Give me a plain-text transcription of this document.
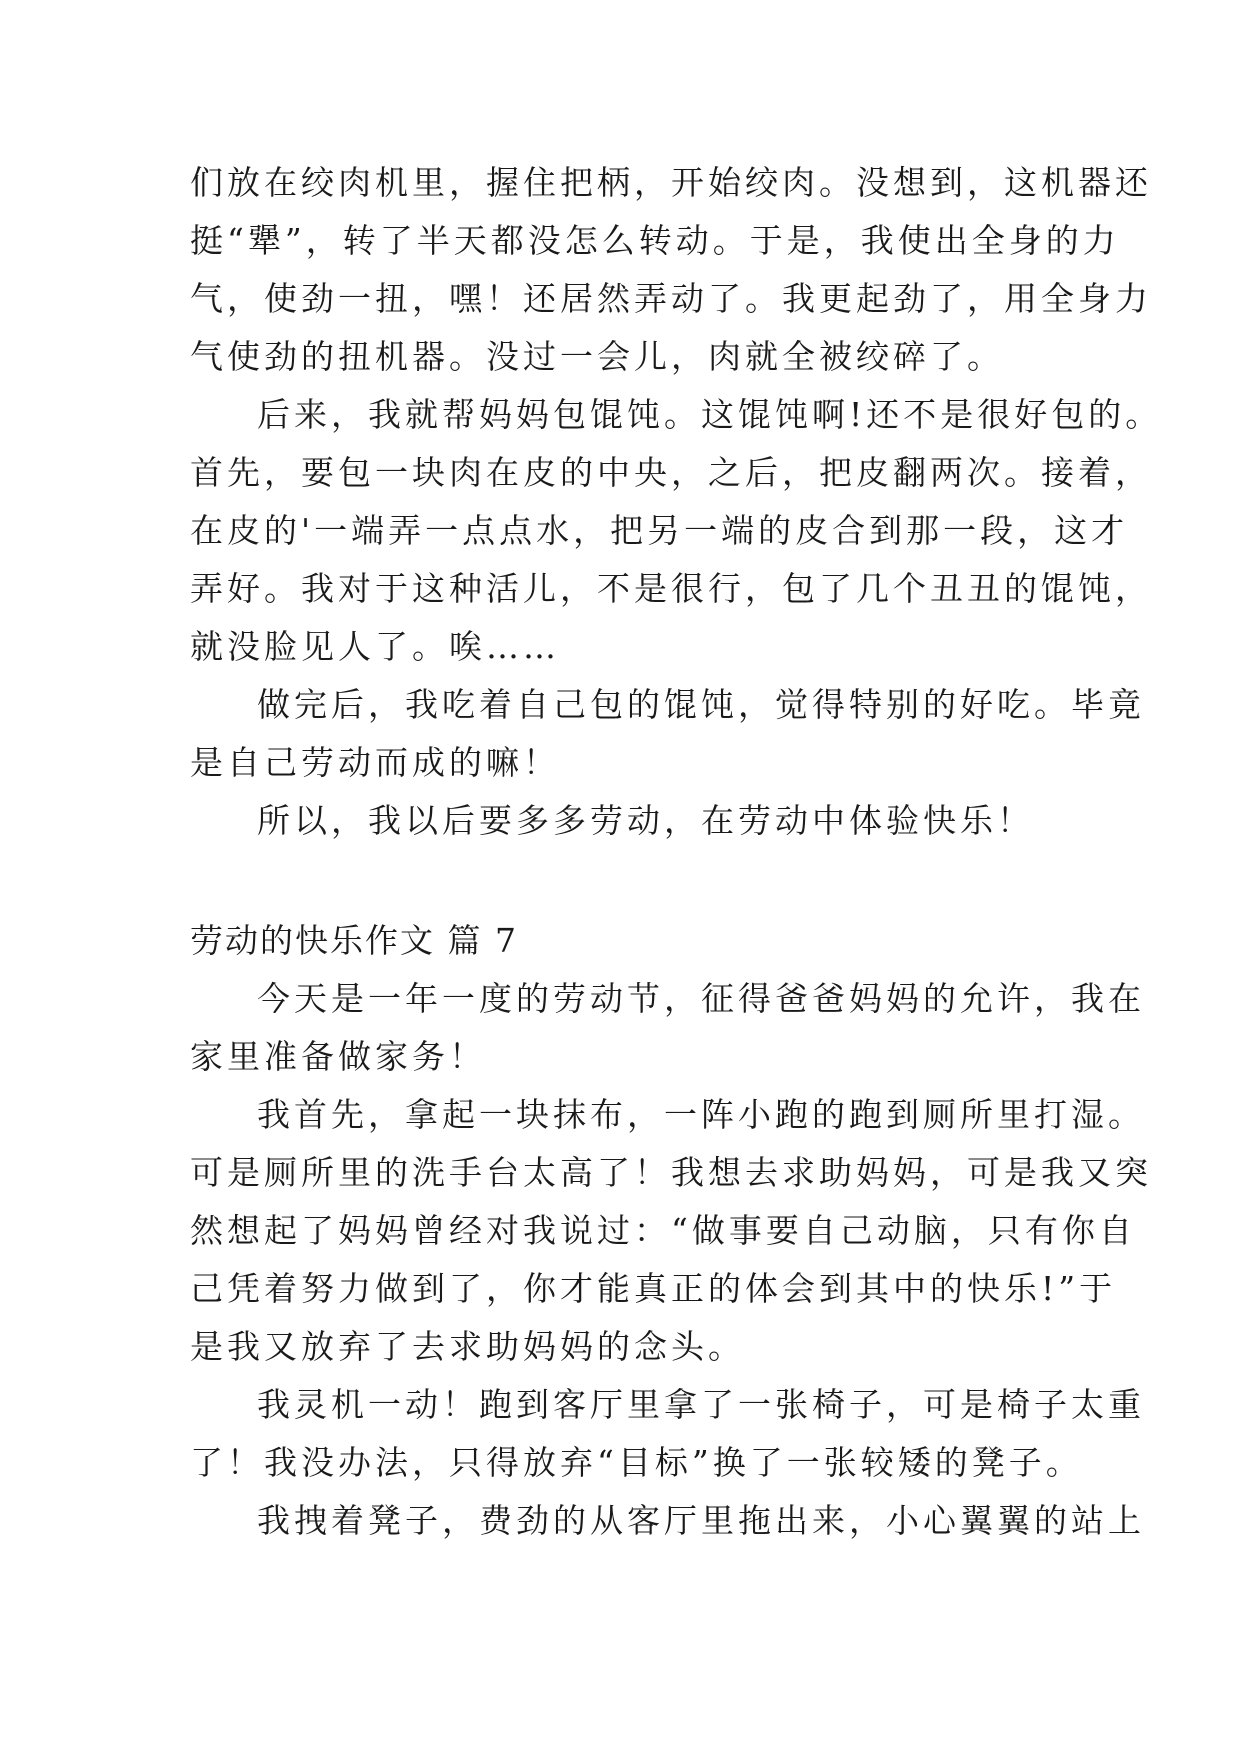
们放在绞肉机里，握住把柄，开始绞肉。没想到，这机器还
挺“犟”，转了半天都没怎么转动。于是，我使出全身的力
气，使劲一扭，嘿！还居然弄动了。我更起劲了，用全身力
气使劲的扭机器。没过一会儿，肉就全被绞碎了。
后来，我就帮妈妈包馄饨。这馄饨啊!还不是很好包的。
首先，要包一块肉在皮的中央，之后，把皮翻两次。接着，
在皮的'一端弄一点点水，把另一端的皮合到那一段，这才
弄好。我对于这种活儿，不是很行，包了几个丑丑的馄饨，
就没脸见人了。唉……
做完后，我吃着自己包的馄饨，觉得特别的好吃。毕竟
是自己劳动而成的嘛！
所以，我以后要多多劳动，在劳动中体验快乐！
劳动的快乐作文 篇 7
今天是一年一度的劳动节，征得爸爸妈妈的允许，我在
家里准备做家务！
我首先，拿起一块抹布，一阵小跑的跑到厕所里打湿。
可是厕所里的洗手台太高了！我想去求助妈妈，可是我又突
然想起了妈妈曾经对我说过：“做事要自己动脑，只有你自
己凭着努力做到了，你才能真正的体会到其中的快乐!”于
是我又放弃了去求助妈妈的念头。
我灵机一动！跑到客厅里拿了一张椅子，可是椅子太重
了！我没办法，只得放弃“目标”换了一张较矮的凳子。
我拽着凳子，费劲的从客厅里拖出来，小心翼翼的站上
